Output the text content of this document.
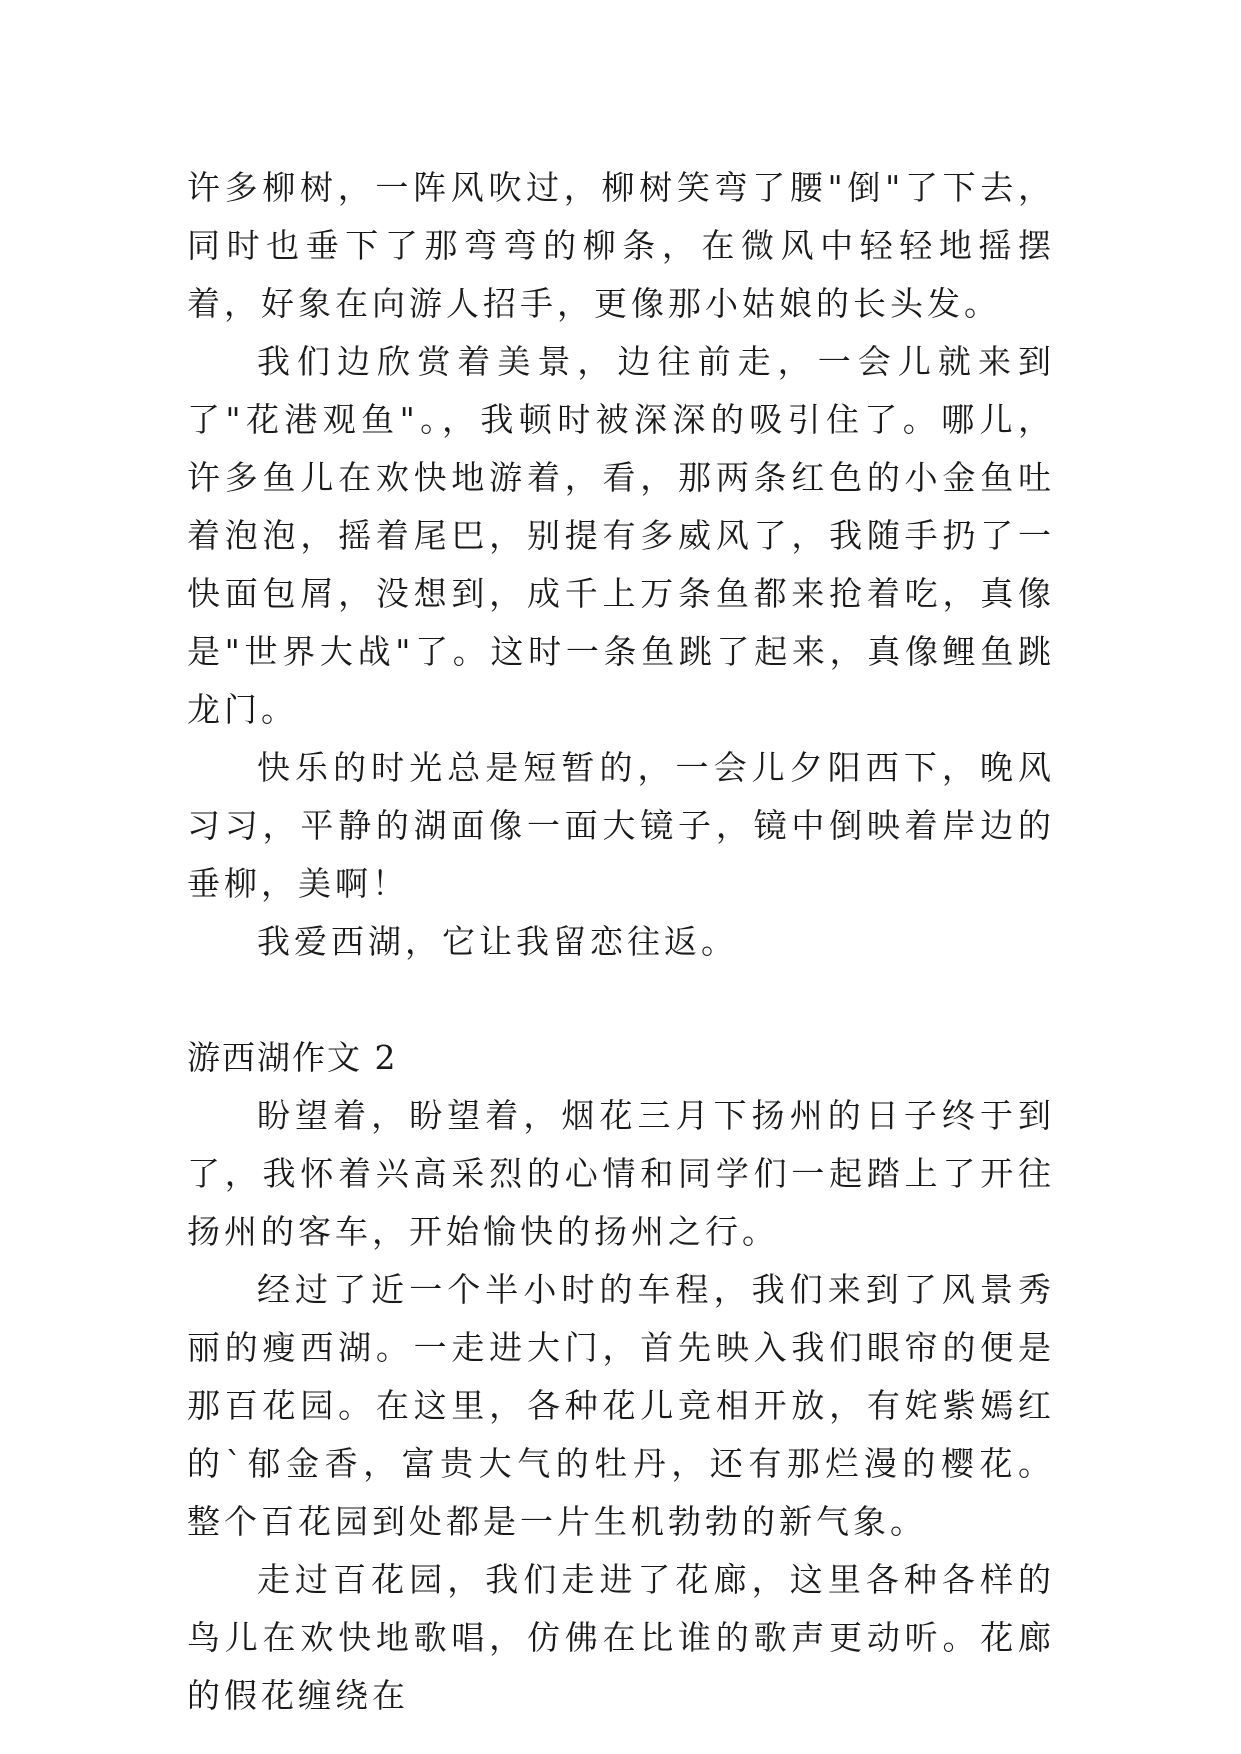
许多柳树，一阵风吹过，柳树笑弯了腰"倒"了下去，同时也垂下了那弯弯的柳条，在微风中轻轻地摇摆着，好象在向游人招手，更像那小姑娘的长头发。

我们边欣赏着美景，边往前走，一会儿就来到了"花港观鱼"。，我顿时被深深的吸引住了。哪儿，许多鱼儿在欢快地游着，看，那两条红色的小金鱼吐着泡泡，摇着尾巴，别提有多威风了，我随手扔了一快面包屑，没想到，成千上万条鱼都来抢着吃，真像是"世界大战"了。这时一条鱼跳了起来，真像鲤鱼跳龙门。

快乐的时光总是短暂的，一会儿夕阳西下，晚风习习，平静的湖面像一面大镜子，镜中倒映着岸边的垂柳，美啊！

我爱西湖，它让我留恋往返。

游西湖作文 2

盼望着，盼望着，烟花三月下扬州的日子终于到了，我怀着兴高采烈的心情和同学们一起踏上了开往扬州的客车，开始愉快的扬州之行。

经过了近一个半小时的车程，我们来到了风景秀丽的瘦西湖。一走进大门，首先映入我们眼帘的便是那百花园。在这里，各种花儿竞相开放，有姹紫嫣红的`郁金香，富贵大气的牡丹，还有那烂漫的樱花。整个百花园到处都是一片生机勃勃的新气象。

走过百花园，我们走进了花廊，这里各种各样的鸟儿在欢快地歌唱，仿佛在比谁的歌声更动听。花廊的假花缠绕在
